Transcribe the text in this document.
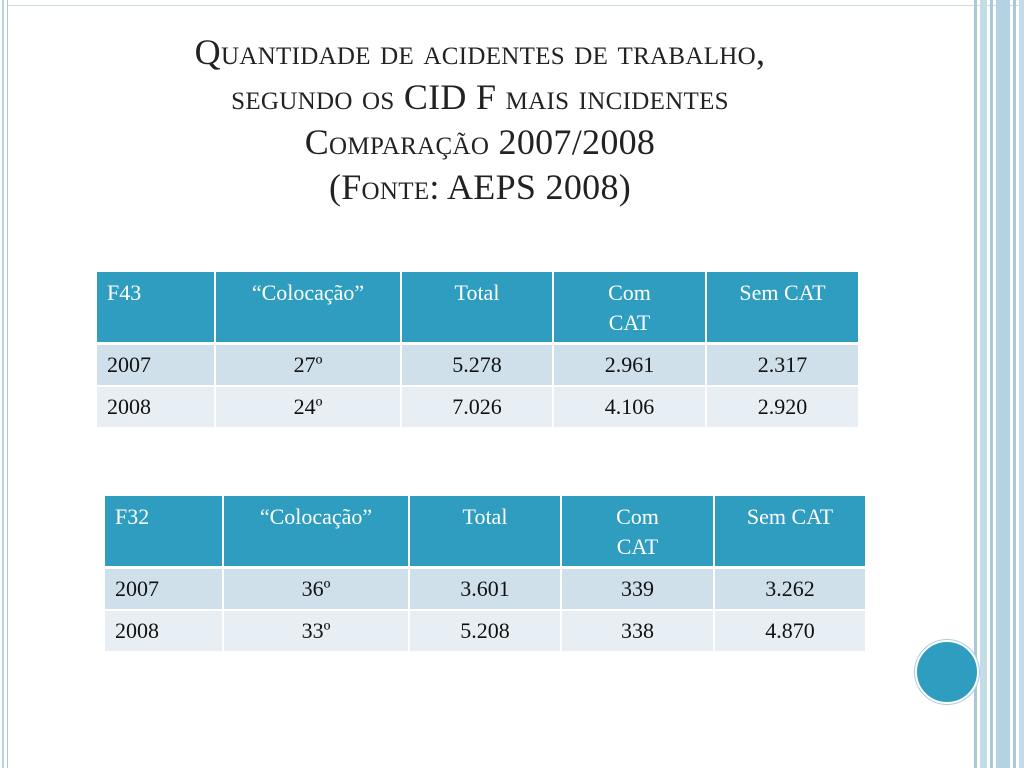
Quantidade de acidentes de trabalho,
segundo os CID F mais incidentes
Comparação 2007/2008
(Fonte: AEPS 2008)
F43	“Colocação”	Total	Com CAT	Sem CAT
2007	27º	5.278	2.961	2.317
2008	24º	7.026	4.106	2.920
F32	“Colocação”	Total	Com CAT	Sem CAT
2007	36º	3.601	339	3.262
2008	33º	5.208	338	4.870
